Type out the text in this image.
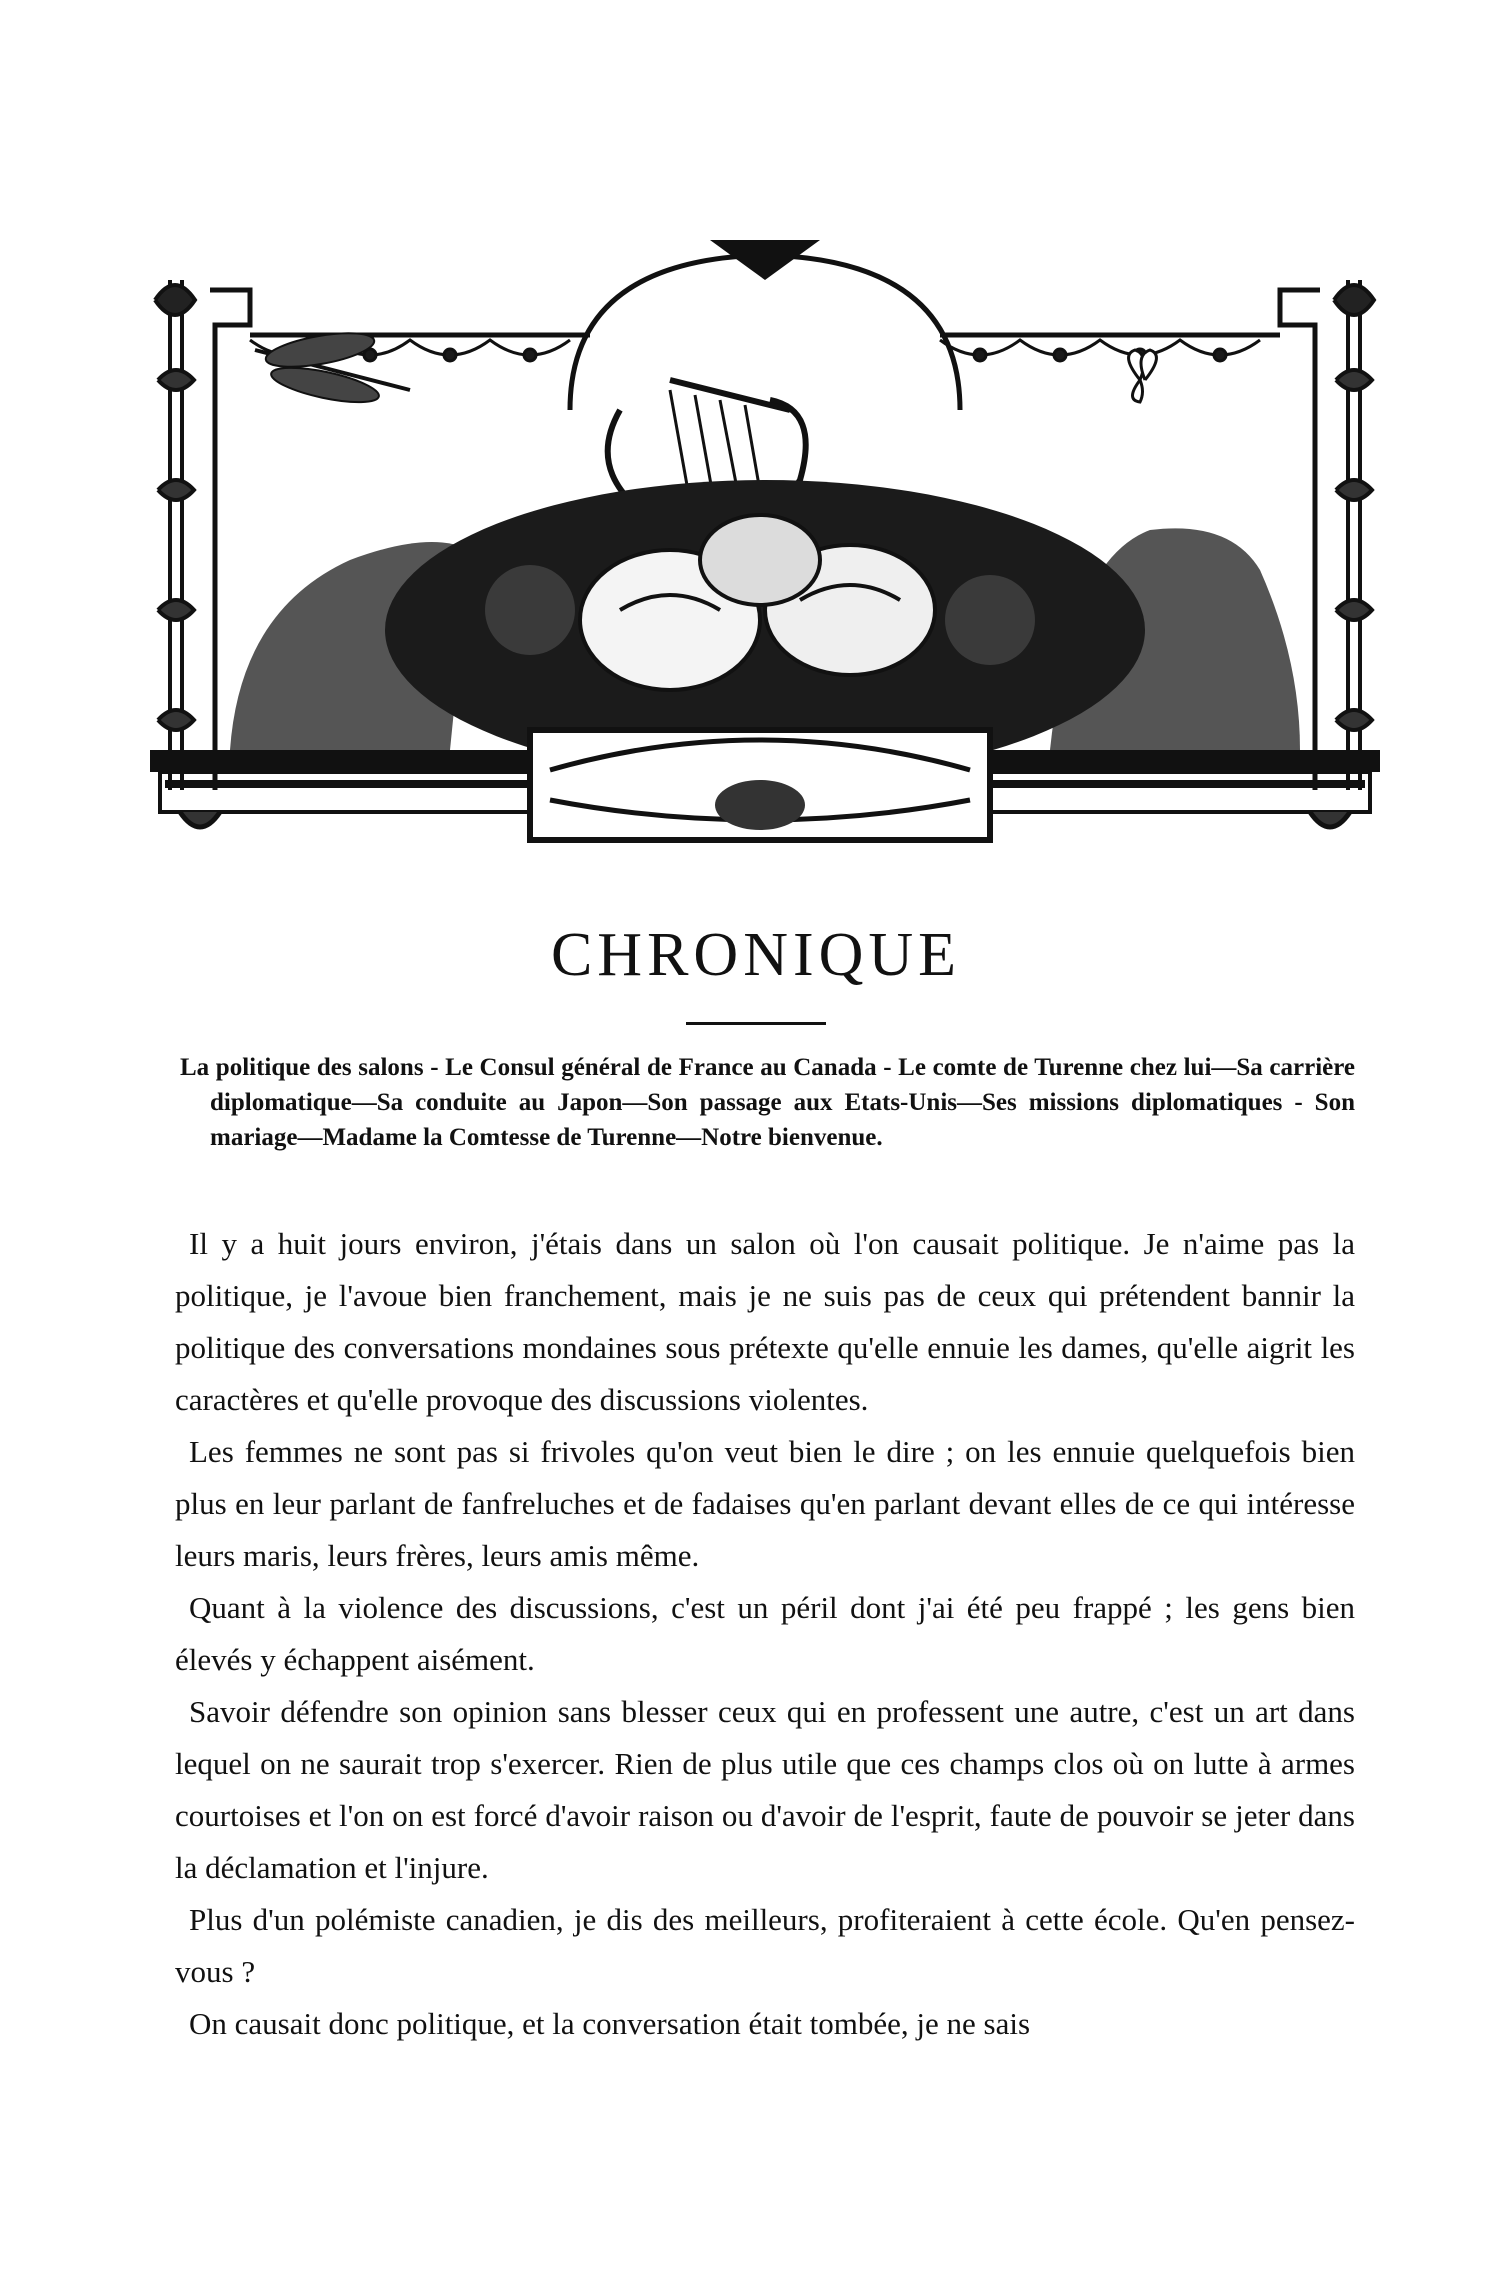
CHRONIQUE
La politique des salons - Le Consul général de France au Canada - Le comte de Turenne chez lui—Sa carrière diplomatique—Sa conduite au Japon—Son passage aux Etats-Unis—Ses missions diplomatiques - Son mariage—Madame la Comtesse de Turenne—Notre bienvenue.

Il y a huit jours environ, j'étais dans un salon où l'on causait politique. Je n'aime pas la politique, je l'avoue bien franchement, mais je ne suis pas de ceux qui prétendent bannir la politique des conversations mondaines sous prétexte qu'elle ennuie les dames, qu'elle aigrit les caractères et qu'elle provoque des discussions violentes.

Les femmes ne sont pas si frivoles qu'on veut bien le dire ; on les ennuie quelquefois bien plus en leur parlant de fanfreluches et de fadaises qu'en parlant devant elles de ce qui intéresse leurs maris, leurs frères, leurs amis même.

Quant à la violence des discussions, c'est un péril dont j'ai été peu frappé ; les gens bien élevés y échappent aisément.

Savoir défendre son opinion sans blesser ceux qui en professent une autre, c'est un art dans lequel on ne saurait trop s'exercer. Rien de plus utile que ces champs clos où on lutte à armes courtoises et l'on on est forcé d'avoir raison ou d'avoir de l'esprit, faute de pouvoir se jeter dans la déclamation et l'injure.

Plus d'un polémiste canadien, je dis des meilleurs, profiteraient à cette école. Qu'en pensez-vous ?

On causait donc politique, et la conversation était tombée, je ne sais
